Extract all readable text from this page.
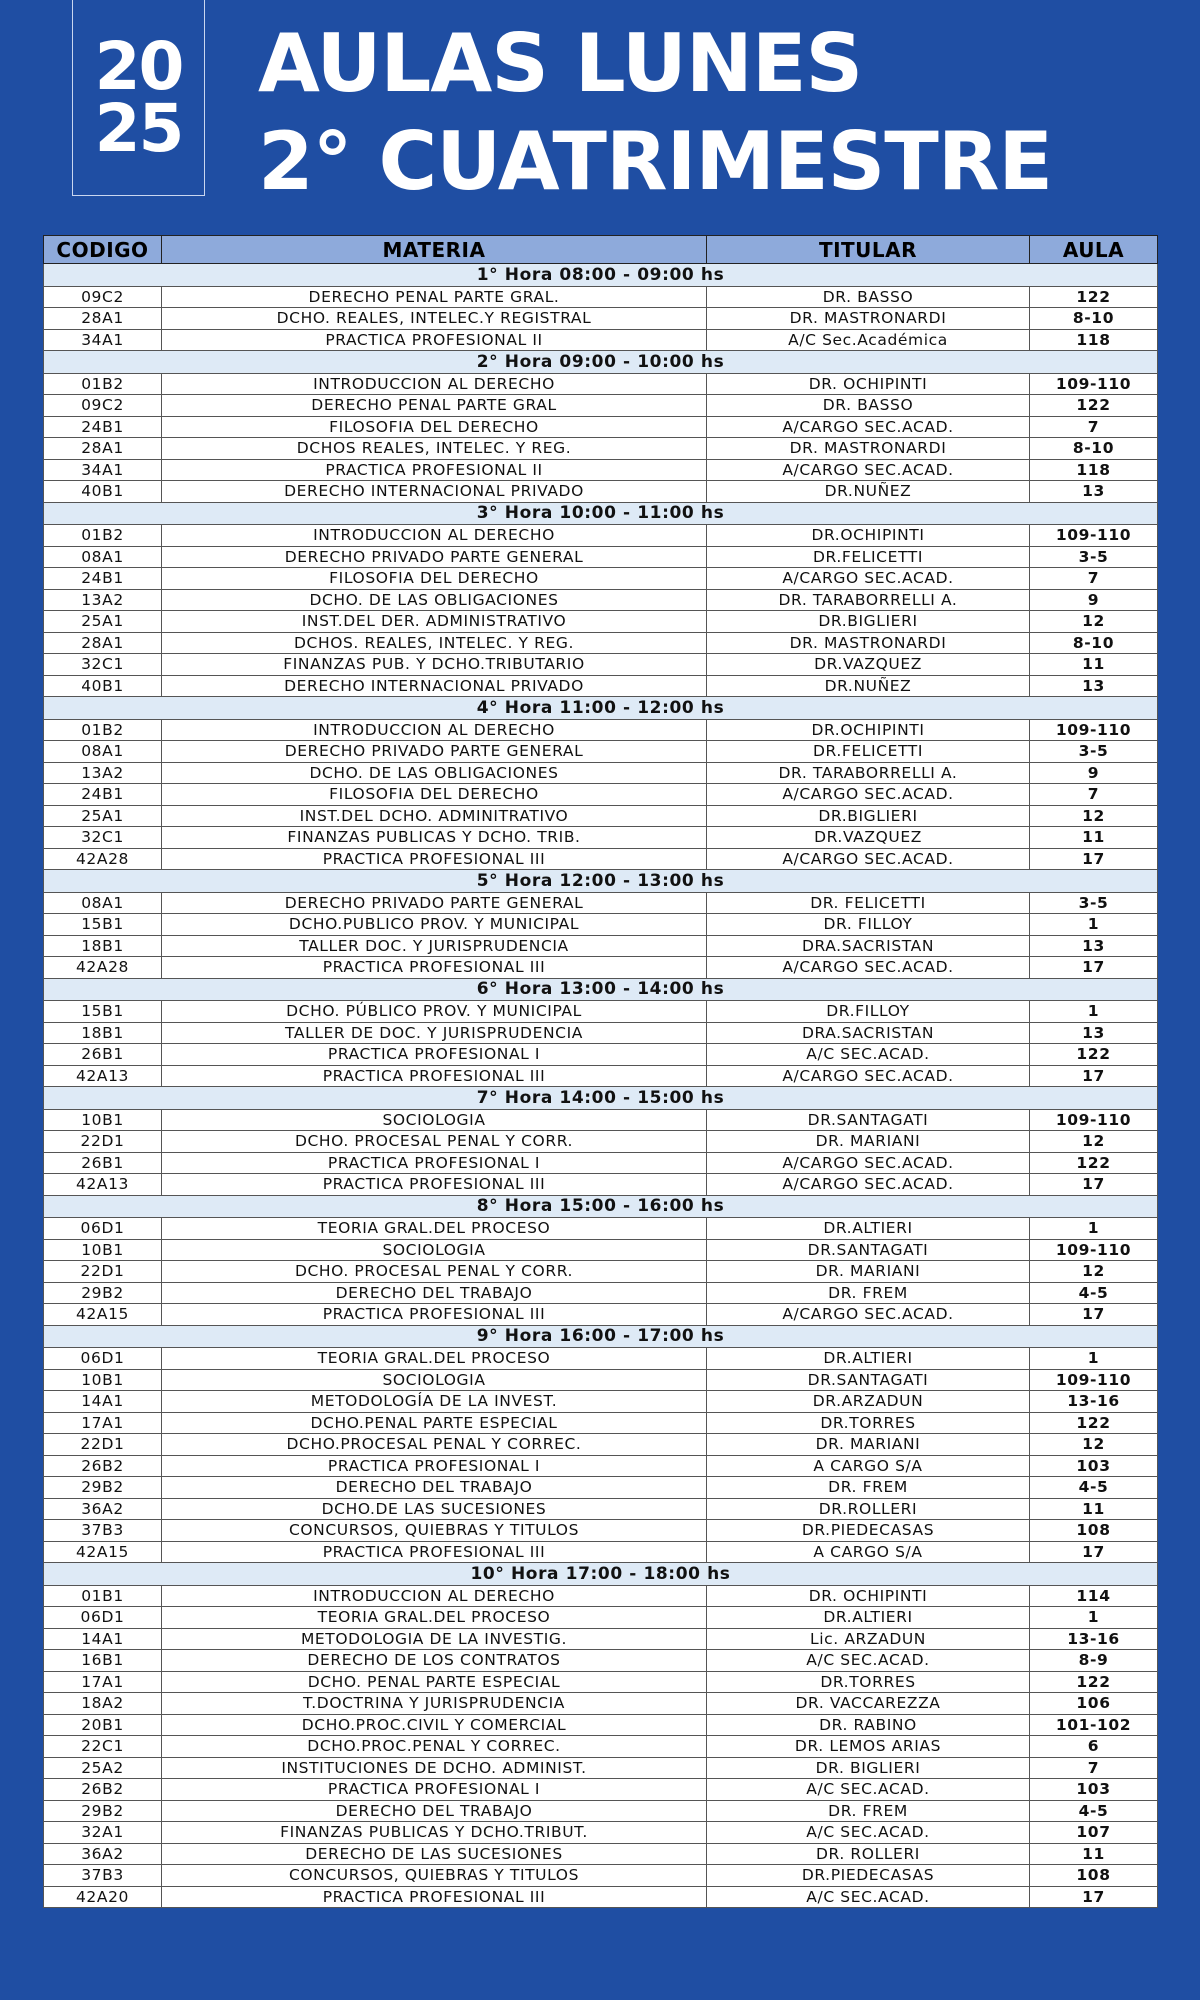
20
25
AULAS LUNES
2° CUATRIMESTRE
CODIGO	MATERIA	TITULAR	AULA
1° Hora 08:00 - 09:00 hs			
09C2	DERECHO PENAL PARTE GRAL.	DR. BASSO	122
28A1	DCHO. REALES, INTELEC.Y REGISTRAL	DR. MASTRONARDI	8-10
34A1	PRACTICA PROFESIONAL II	A/C Sec.Académica	118
2° Hora 09:00 - 10:00 hs			
01B2	INTRODUCCION AL DERECHO	DR. OCHIPINTI	109-110
09C2	DERECHO PENAL PARTE GRAL	DR. BASSO	122
24B1	FILOSOFIA DEL DERECHO	A/CARGO SEC.ACAD.	7
28A1	DCHOS REALES, INTELEC. Y REG.	DR. MASTRONARDI	8-10
34A1	PRACTICA PROFESIONAL II	A/CARGO SEC.ACAD.	118
40B1	DERECHO INTERNACIONAL PRIVADO	DR.NUÑEZ	13
3° Hora 10:00 - 11:00 hs			
01B2	INTRODUCCION AL DERECHO	DR.OCHIPINTI	109-110
08A1	DERECHO PRIVADO PARTE GENERAL	DR.FELICETTI	3-5
24B1	FILOSOFIA DEL DERECHO	A/CARGO SEC.ACAD.	7
13A2	DCHO. DE LAS OBLIGACIONES	DR. TARABORRELLI A.	9
25A1	INST.DEL DER. ADMINISTRATIVO	DR.BIGLIERI	12
28A1	DCHOS. REALES, INTELEC. Y REG.	DR. MASTRONARDI	8-10
32C1	FINANZAS PUB. Y DCHO.TRIBUTARIO	DR.VAZQUEZ	11
40B1	DERECHO INTERNACIONAL PRIVADO	DR.NUÑEZ	13
4° Hora 11:00 - 12:00 hs			
01B2	INTRODUCCION AL DERECHO	DR.OCHIPINTI	109-110
08A1	DERECHO PRIVADO PARTE GENERAL	DR.FELICETTI	3-5
13A2	DCHO. DE LAS OBLIGACIONES	DR. TARABORRELLI A.	9
24B1	FILOSOFIA DEL DERECHO	A/CARGO SEC.ACAD.	7
25A1	INST.DEL DCHO. ADMINITRATIVO	DR.BIGLIERI	12
32C1	FINANZAS PUBLICAS Y DCHO. TRIB.	DR.VAZQUEZ	11
42A28	PRACTICA PROFESIONAL III	A/CARGO SEC.ACAD.	17
5° Hora 12:00 - 13:00 hs			
08A1	DERECHO PRIVADO PARTE GENERAL	DR. FELICETTI	3-5
15B1	DCHO.PUBLICO PROV. Y MUNICIPAL	DR. FILLOY	1
18B1	TALLER DOC. Y JURISPRUDENCIA	DRA.SACRISTAN	13
42A28	PRACTICA PROFESIONAL III	A/CARGO SEC.ACAD.	17
6° Hora 13:00 - 14:00 hs			
15B1	DCHO. PÚBLICO PROV. Y MUNICIPAL	DR.FILLOY	1
18B1	TALLER DE DOC. Y JURISPRUDENCIA	DRA.SACRISTAN	13
26B1	PRACTICA PROFESIONAL I	A/C SEC.ACAD.	122
42A13	PRACTICA PROFESIONAL III	A/CARGO SEC.ACAD.	17
7° Hora 14:00 - 15:00 hs			
10B1	SOCIOLOGIA	DR.SANTAGATI	109-110
22D1	DCHO. PROCESAL PENAL Y CORR.	DR. MARIANI	12
26B1	PRACTICA PROFESIONAL I	A/CARGO SEC.ACAD.	122
42A13	PRACTICA PROFESIONAL III	A/CARGO SEC.ACAD.	17
8° Hora 15:00 - 16:00 hs			
06D1	TEORIA GRAL.DEL PROCESO	DR.ALTIERI	1
10B1	SOCIOLOGIA	DR.SANTAGATI	109-110
22D1	DCHO. PROCESAL PENAL Y CORR.	DR. MARIANI	12
29B2	DERECHO DEL TRABAJO	DR. FREM	4-5
42A15	PRACTICA PROFESIONAL III	A/CARGO SEC.ACAD.	17
9° Hora 16:00 - 17:00 hs			
06D1	TEORIA GRAL.DEL PROCESO	DR.ALTIERI	1
10B1	SOCIOLOGIA	DR.SANTAGATI	109-110
14A1	METODOLOGÍA DE LA INVEST.	DR.ARZADUN	13-16
17A1	DCHO.PENAL PARTE ESPECIAL	DR.TORRES	122
22D1	DCHO.PROCESAL PENAL Y CORREC.	DR. MARIANI	12
26B2	PRACTICA PROFESIONAL I	A CARGO S/A	103
29B2	DERECHO DEL TRABAJO	DR. FREM	4-5
36A2	DCHO.DE LAS SUCESIONES	DR.ROLLERI	11
37B3	CONCURSOS, QUIEBRAS Y TITULOS	DR.PIEDECASAS	108
42A15	PRACTICA PROFESIONAL III	A CARGO S/A	17
10° Hora 17:00 - 18:00 hs			
01B1	INTRODUCCION AL DERECHO	DR. OCHIPINTI	114
06D1	TEORIA GRAL.DEL PROCESO	DR.ALTIERI	1
14A1	METODOLOGIA DE LA INVESTIG.	Lic. ARZADUN	13-16
16B1	DERECHO DE LOS CONTRATOS	A/C SEC.ACAD.	8-9
17A1	DCHO. PENAL PARTE ESPECIAL	DR.TORRES	122
18A2	T.DOCTRINA Y JURISPRUDENCIA	DR. VACCAREZZA	106
20B1	DCHO.PROC.CIVIL Y COMERCIAL	DR. RABINO	101-102
22C1	DCHO.PROC.PENAL Y CORREC.	DR. LEMOS ARIAS	6
25A2	INSTITUCIONES DE DCHO. ADMINIST.	DR. BIGLIERI	7
26B2	PRACTICA PROFESIONAL I	A/C SEC.ACAD.	103
29B2	DERECHO DEL TRABAJO	DR. FREM	4-5
32A1	FINANZAS PUBLICAS Y DCHO.TRIBUT.	A/C SEC.ACAD.	107
36A2	DERECHO DE LAS SUCESIONES	DR. ROLLERI	11
37B3	CONCURSOS, QUIEBRAS Y TITULOS	DR.PIEDECASAS	108
42A20	PRACTICA PROFESIONAL III	A/C SEC.ACAD.	17
